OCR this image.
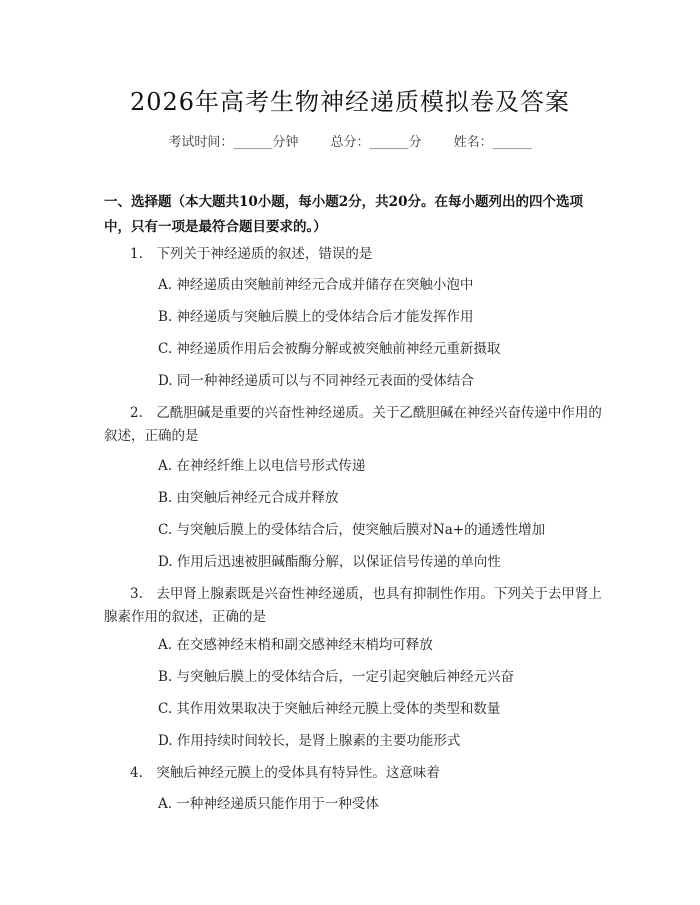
2026年高考生物神经递质模拟卷及答案
考试时间：______分钟 总分：______分 姓名：______
一、选择题（本大题共10小题，每小题2分，共20分。在每小题列出的四个选项中，只有一项是最符合题目要求的。）
1.　下列关于神经递质的叙述，错误的是
A. 神经递质由突触前神经元合成并储存在突触小泡中
B. 神经递质与突触后膜上的受体结合后才能发挥作用
C. 神经递质作用后会被酶分解或被突触前神经元重新摄取
D. 同一种神经递质可以与不同神经元表面的受体结合
2.　乙酰胆碱是重要的兴奋性神经递质。关于乙酰胆碱在神经兴奋传递中作用的叙述，正确的是
A. 在神经纤维上以电信号形式传递
B. 由突触后神经元合成并释放
C. 与突触后膜上的受体结合后，使突触后膜对Na+的通透性增加
D. 作用后迅速被胆碱酯酶分解，以保证信号传递的单向性
3.　去甲肾上腺素既是兴奋性神经递质，也具有抑制性作用。下列关于去甲肾上腺素作用的叙述，正确的是
A. 在交感神经末梢和副交感神经末梢均可释放
B. 与突触后膜上的受体结合后，一定引起突触后神经元兴奋
C. 其作用效果取决于突触后神经元膜上受体的类型和数量
D. 作用持续时间较长，是肾上腺素的主要功能形式
4.　突触后神经元膜上的受体具有特异性。这意味着
A. 一种神经递质只能作用于一种受体
